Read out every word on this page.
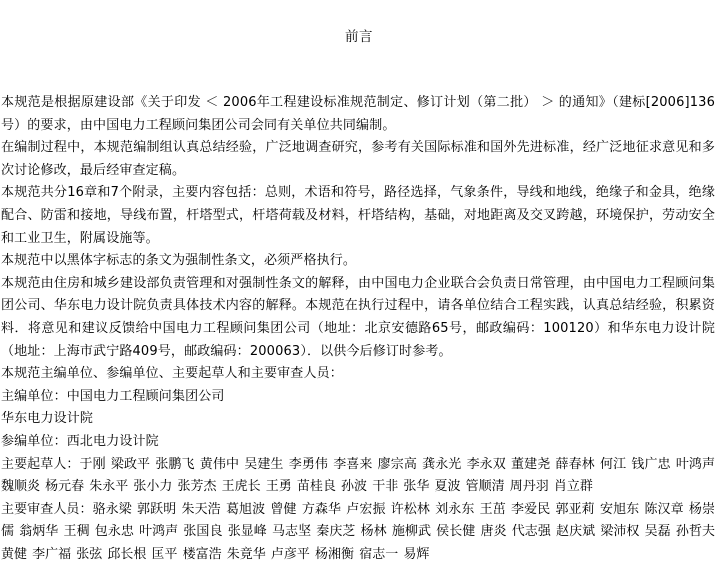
前言

本规范是根据原建设部《关于印发 ＜ 2006年工程建设标准规范制定、修订计划（第二批） ＞ 的通知》（建标[2006]136号）的要求，由中国电力工程顾问集团公司会同有关单位共同编制。

在编制过程中，本规范编制组认真总结经验，广泛地调查研究，参考有关国际标准和国外先进标准，经广泛地征求意见和多次讨论修改，最后经审查定稿。

本规范共分16章和7个附录，主要内容包括：总则，术语和符号，路径选择，气象条件，导线和地线，绝缘子和金具，绝缘配合、防雷和接地，导线布置，杆塔型式，杆塔荷载及材料，杆塔结构，基础，对地距离及交叉跨越，环境保护，劳动安全和工业卫生，附属设施等。

本规范中以黑体字标志的条文为强制性条文，必须严格执行。

本规范由住房和城乡建设部负责管理和对强制性条文的解释，由中国电力企业联合会负责日常管理，由中国电力工程顾问集团公司、华东电力设计院负责具体技术内容的解释。本规范在执行过程中，请各单位结合工程实践，认真总结经验，积累资料．将意见和建议反馈给中国电力工程顾问集团公司（地址：北京安德路65号，邮政编码：100120）和华东电力设计院（地址：上海市武宁路409号，邮政编码：200063）．以供今后修订时参考。

本规范主编单位、参编单位、主要起草人和主要审查人员：

主编单位：中国电力工程顾问集团公司

华东电力设计院

参编单位：西北电力设计院

主要起草人：于刚 梁政平 张鹏飞 黄伟中 吴建生 李勇伟 李喜来 廖宗高 龚永光 李永双 董建尧 薛春林 何江 钱广忠 叶鸿声 魏顺炎 杨元春 朱永平 张小力 张芳杰 王虎长 王勇 苗桂良 孙波 干非 张华 夏波 管顺清 周丹羽 肖立群

主要审查人员：骆永梁 郭跃明 朱天浩 葛旭波 曾健 方森华 卢宏振 许松林 刘永东 王茁 李爱民 郭亚莉 安旭东 陈汉章 杨崇儒 翁炳华 王稠 包永忠 叶鸿声 张国良 张显峰 马志坚 秦庆芝 杨林 施柳武 侯长健 唐炎 代志强 赵庆斌 梁沛权 吴磊 孙哲夫 黄健 李广福 张弦 邱长根 匡平 楼富浩 朱竟华 卢彦平 杨湘衡 宿志一 易辉
